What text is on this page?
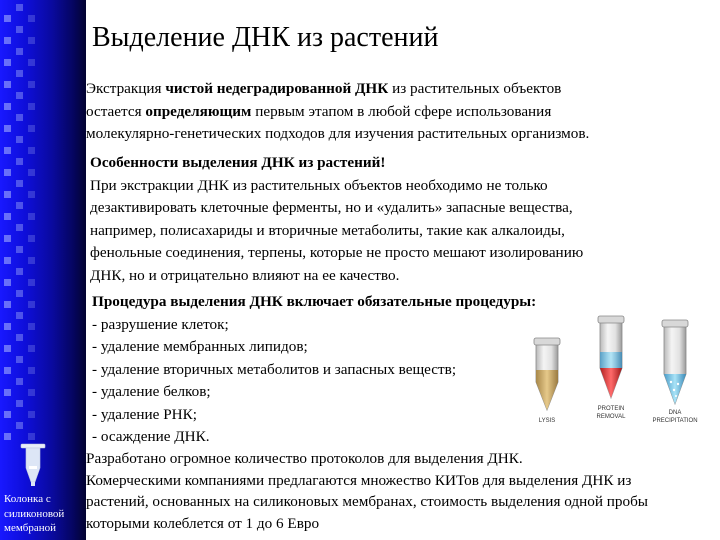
Выделение ДНК из растений
Экстракция чистой недеградированной ДНК из растительных объектов
остается определяющим первым этапом в любой сфере использования
молекулярно-генетических подходов для изучения растительных организмов.
Особенности выделения ДНК из растений!
При экстракции ДНК из растительных объектов необходимо не только
дезактивировать клеточные ферменты, но и «удалить» запасные вещества,
например, полисахариды и вторичные метаболиты, такие как алкалоиды,
фенольные соединения, терпены, которые не просто мешают изолированию
ДНК, но и отрицательно влияют на ее качество.
Процедура выделения ДНК включает обязательные процедуры:
- разрушение клеток;
- удаление мембранных липидов;
- удаление вторичных метаболитов и запасных веществ;
- удаление белков;
- удаление РНК;
- осаждение ДНК.
LYSIS
PROTEIN
REMOVAL
DNA
PRECIPITATION
Разработано огромное количество протоколов для выделения ДНК.
Комерческими компаниями предлагаются множество КИТов для выделения ДНК из
растений, основанных на силиконовых мембранах, стоимость выделения одной пробы
которыми колеблется от 1 до 6 Евро
Колонка с
силиконовой
мембраной
